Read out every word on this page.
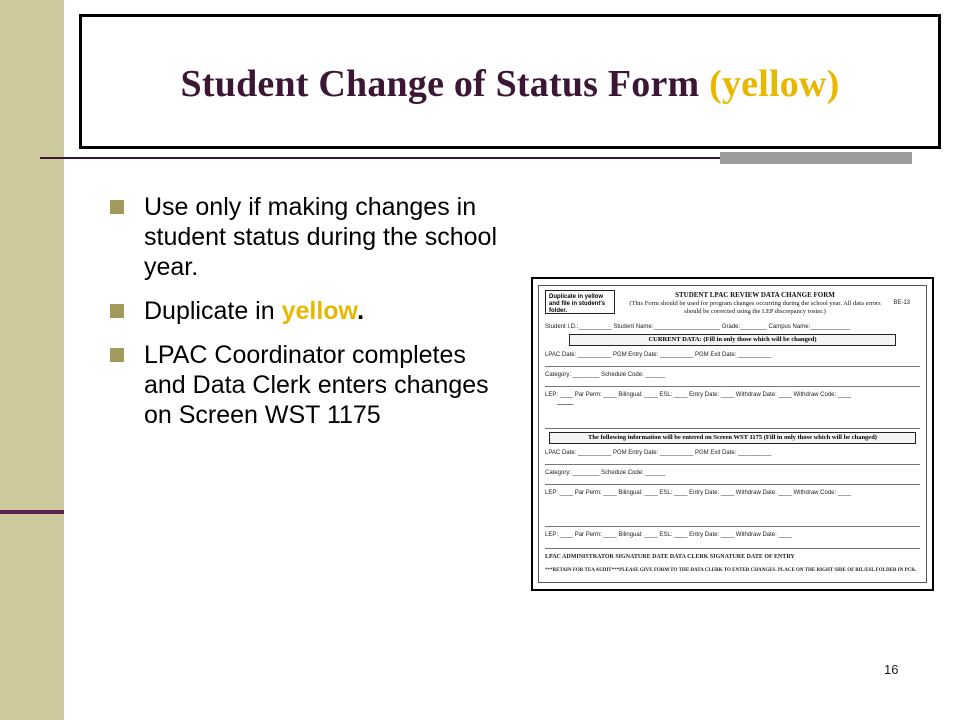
Student Change of Status Form (yellow)
Use only if making changes in student status during the school year.
Duplicate in yellow.
LPAC Coordinator completes and Data Clerk enters changes on Screen WST 1175
Duplicate in yellow and file in student's folder.
STUDENT LPAC REVIEW DATA CHANGE FORM
(This Form should be used for program changes occurring during the school year. All data errors should be corrected using the LEP discrepancy roster.)
BE-13
Student I.D.:__________ Student Name:____________________ Grade:________ Campus Name:____________
CURRENT DATA: (Fill in only those which will be changed)
LPAC Date: __________ PGM Entry Date: __________ PGM Exit Date: __________
Category: ________ Schedule Code: ______
LEP: ____ Par Perm: ____ Bilingual: ____ ESL: ____ Entry Date: ____ Withdraw Date: ____ Withdraw Code: ____
━━━━━━
The following information will be entered on Screen WST 1175 (Fill in only those which will be changed)
LPAC Date: __________ PGM Entry Date: __________ PGM Exit Date: __________
Category: ________ Schedule Code: ______
LEP: ____ Par Perm: ____ Bilingual: ____ ESL: ____ Entry Date: ____ Withdraw Date: ____ Withdraw Code: ____
LEP: ____ Par Perm: ____ Bilingual: ____ ESL: ____ Entry Date: ____ Withdraw Date: ____
LPAC ADMINISTRATOR SIGNATURE DATE DATA CLERK SIGNATURE DATE OF ENTRY
***RETAIN FOR TEA AUDIT***PLEASE GIVE FORM TO THE DATA CLERK TO ENTER CHANGES. PLACE ON THE RIGHT SIDE OF BIL/ESL FOLDER IN PCR.
16
